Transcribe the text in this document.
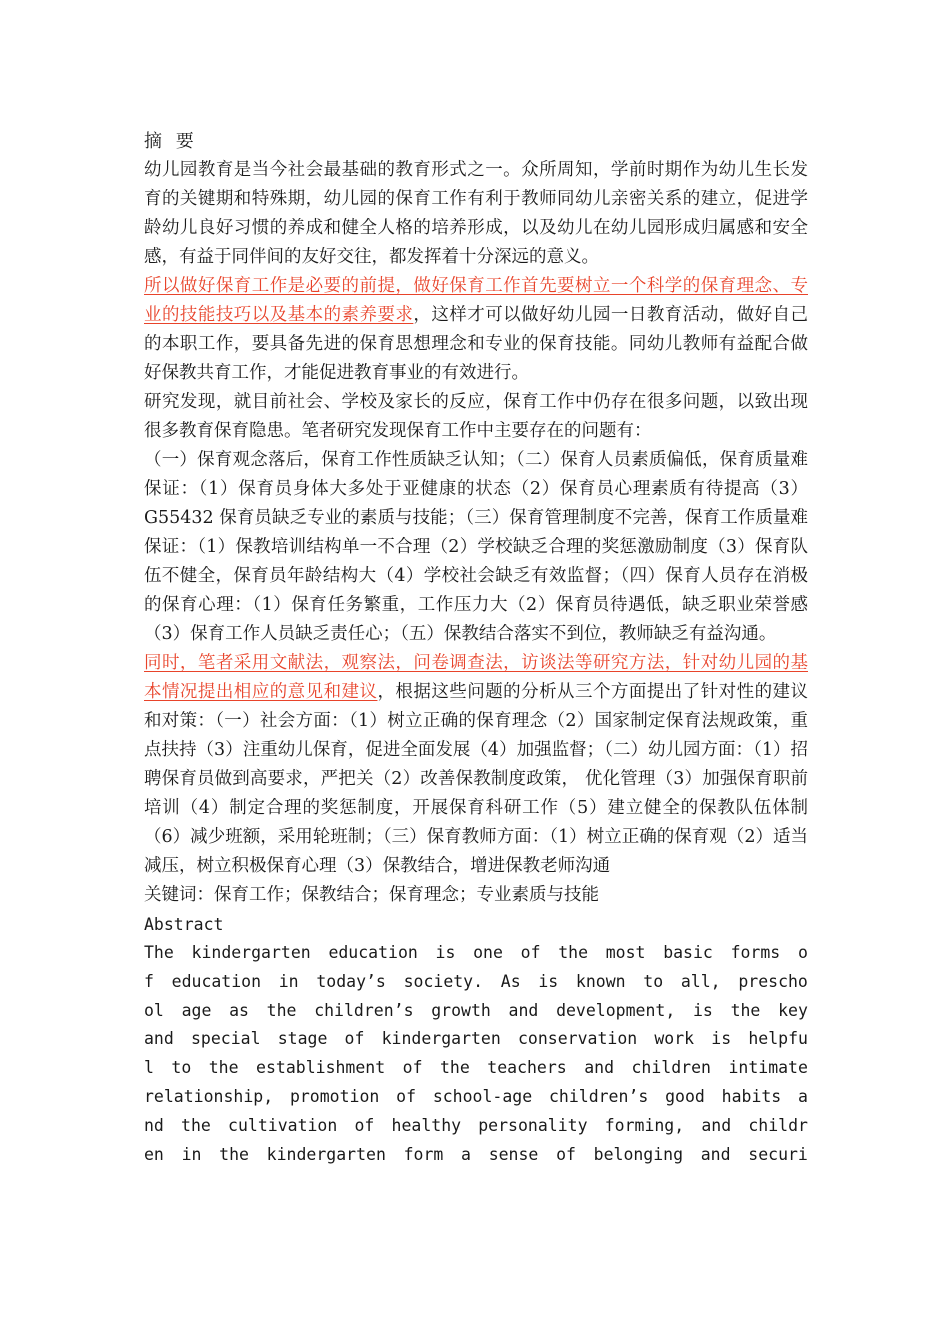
摘 要

幼儿园教育是当今社会最基础的教育形式之一。众所周知，学前时期作为幼儿生长发育的关键期和特殊期，幼儿园的保育工作有利于教师同幼儿亲密关系的建立，促进学龄幼儿良好习惯的养成和健全人格的培养形成，以及幼儿在幼儿园形成归属感和安全感，有益于同伴间的友好交往，都发挥着十分深远的意义。

所以做好保育工作是必要的前提，做好保育工作首先要树立一个科学的保育理念、专业的技能技巧以及基本的素养要求，这样才可以做好幼儿园一日教育活动，做好自己的本职工作，要具备先进的保育思想理念和专业的保育技能。同幼儿教师有益配合做好保教共育工作，才能促进教育事业的有效进行。

研究发现，就目前社会、学校及家长的反应，保育工作中仍存在很多问题，以致出现很多教育保育隐患。笔者研究发现保育工作中主要存在的问题有：

（一）保育观念落后，保育工作性质缺乏认知；（二）保育人员素质偏低，保育质量难保证：（1）保育员身体大多处于亚健康的状态（2）保育员心理素质有待提高（3）G55432 保育员缺乏专业的素质与技能；（三）保育管理制度不完善，保育工作质量难保证：（1）保教培训结构单一不合理（2）学校缺乏合理的奖惩激励制度（3）保育队伍不健全，保育员年龄结构大（4）学校社会缺乏有效监督；（四）保育人员存在消极的保育心理：（1）保育任务繁重，工作压力大（2）保育员待遇低，缺乏职业荣誉感（3）保育工作人员缺乏责任心；（五）保教结合落实不到位，教师缺乏有益沟通。

同时，笔者采用文献法，观察法，问卷调查法，访谈法等研究方法，针对幼儿园的基本情况提出相应的意见和建议，根据这些问题的分析从三个方面提出了针对性的建议和对策：（一）社会方面：（1）树立正确的保育理念（2）国家制定保育法规政策，重点扶持（3）注重幼儿保育，促进全面发展（4）加强监督；（二）幼儿园方面：（1）招聘保育员做到高要求，严把关（2）改善保教制度政策， 优化管理（3）加强保育职前培训（4）制定合理的奖惩制度，开展保育科研工作（5）建立健全的保教队伍体制（6）减少班额，采用轮班制；（三）保育教师方面：（1）树立正确的保育观（2）适当减压，树立积极保育心理（3）保教结合，增进保教老师沟通

关键词：保育工作；保教结合；保育理念；专业素质与技能

Abstract

The kindergarten education is one of the most basic forms o
f education in today’s society. As is known to all, prescho
ol age as the children’s growth and development, is the key
and special stage of kindergarten conservation work is helpfu
l to the establishment of the teachers and children intimate
relationship, promotion of school-age children’s good habits a
nd the cultivation of healthy personality forming, and childr
en in the kindergarten form a sense of belonging and securi
